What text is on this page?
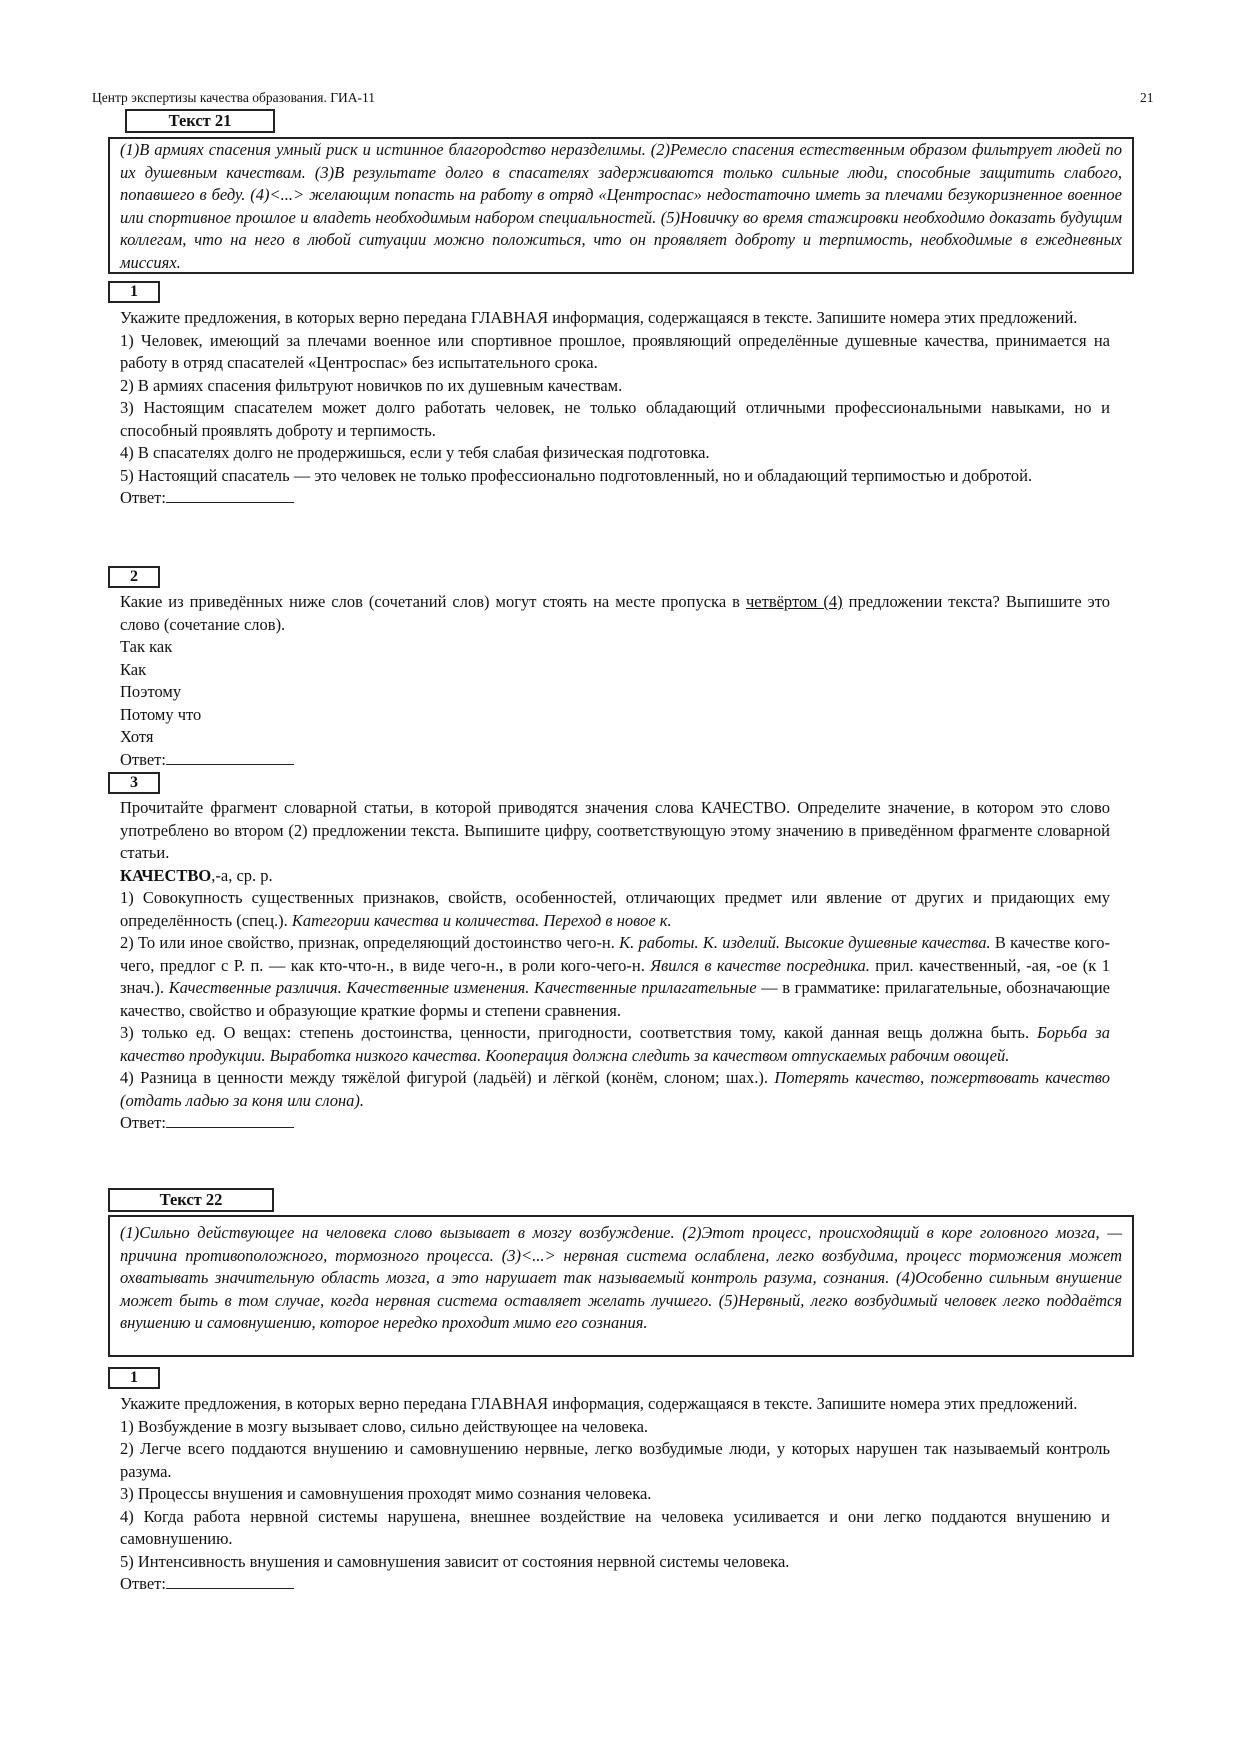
Центр экспертизы качества образования. ГИА-11	21
Текст 21
(1)В армиях спасения умный риск и истинное благородство неразделимы. (2)Ремесло спасения естественным образом фильтрует людей по их душевным качествам. (3)В результате долго в спасателях задерживаются только сильные люди, способные защитить слабого, попавшего в беду. (4)<...> желающим попасть на работу в отряд «Центроспас» недостаточно иметь за плечами безукоризненное военное или спортивное прошлое и владеть необходимым набором специальностей. (5)Новичку во время стажировки необходимо доказать будущим коллегам, что на него в любой ситуации можно положиться, что он проявляет доброту и терпимость, необходимые в ежедневных миссиях.
1

Укажите предложения, в которых верно передана ГЛАВНАЯ информация, содержащаяся в тексте. Запишите номера этих предложений.

1) Человек, имеющий за плечами военное или спортивное прошлое, проявляющий определённые душевные качества, принимается на работу в отряд спасателей «Центроспас» без испытательного срока.

2) В армиях спасения фильтруют новичков по их душевным качествам.

3) Настоящим спасателем может долго работать человек, не только обладающий отличными профессиональными навыками, но и способный проявлять доброту и терпимость.

4) В спасателях долго не продержишься, если у тебя слабая физическая подготовка.

5) Настоящий спасатель — это человек не только профессионально подготовленный, но и обладающий терпимостью и добротой.

Ответ:

2

Какие из приведённых ниже слов (сочетаний слов) могут стоять на месте пропуска в четвёртом (4) предложении текста? Выпишите это слово (сочетание слов).

Так как

Как

Поэтому

Потому что

Хотя

Ответ:

3

Прочитайте фрагмент словарной статьи, в которой приводятся значения слова КАЧЕСТВО. Определите значение, в котором это слово употреблено во втором (2) предложении текста. Выпишите цифру, соответствующую этому значению в приведённом фрагменте словарной статьи.

КАЧЕСТВО,-а, ср. р.

1) Совокупность существенных признаков, свойств, особенностей, отличающих предмет или явление от других и придающих ему определённость (спец.). Категории качества и количества. Переход в новое к.

2) То или иное свойство, признак, определяющий достоинство чего-н. К. работы. К. изделий. Высокие душевные качества. В качестве кого-чего, предлог с Р. п. — как кто-что-н., в виде чего-н., в роли кого-чего-н. Явился в качестве посредника. прил. качественный, -ая, -ое (к 1 знач.). Качественные различия. Качественные изменения. Качественные прилагательные — в грамматике: прилагательные, обозначающие качество, свойство и образующие краткие формы и степени сравнения.

3) только ед. О вещах: степень достоинства, ценности, пригодности, соответствия тому, какой данная вещь должна быть. Борьба за качество продукции. Выработка низкого качества. Кооперация должна следить за качеством отпускаемых рабочим овощей.

4) Разница в ценности между тяжёлой фигурой (ладьёй) и лёгкой (конём, слоном; шах.). Потерять качество, пожертвовать качество (отдать ладью за коня или слона).

Ответ:

Текст 22
(1)Сильно действующее на человека слово вызывает в мозгу возбуждение. (2)Этот процесс, происходящий в коре головного мозга, — причина противоположного, тормозного процесса. (3)<...> нервная система ослаблена, легко возбудима, процесс торможения может охватывать значительную область мозга, а это нарушает так называемый контроль разума, сознания. (4)Особенно сильным внушение может быть в том случае, когда нервная система оставляет желать лучшего. (5)Нервный, легко возбудимый человек легко поддаётся внушению и самовнушению, которое нередко проходит мимо его сознания.
1

Укажите предложения, в которых верно передана ГЛАВНАЯ информация, содержащаяся в тексте. Запишите номера этих предложений.

1) Возбуждение в мозгу вызывает слово, сильно действующее на человека.

2) Легче всего поддаются внушению и самовнушению нервные, легко возбудимые люди, у которых нарушен так называемый контроль разума.

3) Процессы внушения и самовнушения проходят мимо сознания человека.

4) Когда работа нервной системы нарушена, внешнее воздействие на человека усиливается и они легко поддаются внушению и самовнушению.

5) Интенсивность внушения и самовнушения зависит от состояния нервной системы человека.

Ответ:
